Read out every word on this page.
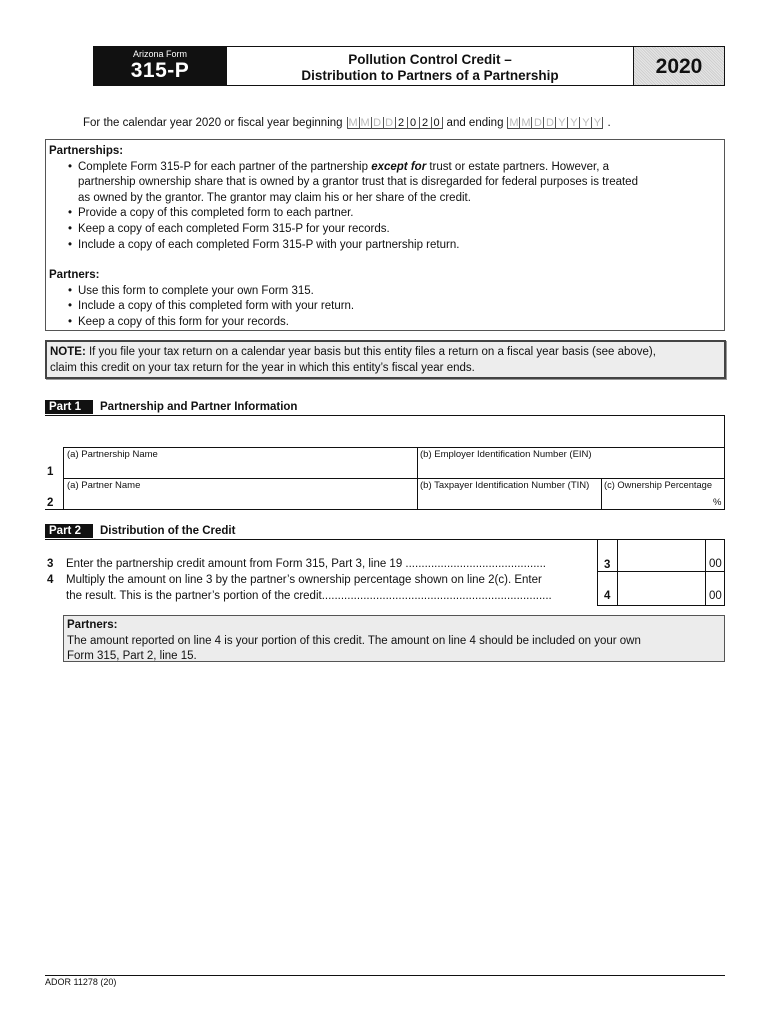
Arizona Form
315-P	Pollution Control Credit –
Distribution to Partners of a Partnership	2020
For the calendar year 2020 or fiscal year beginning M M D D 2 0 2 0 and ending M M D D Y Y Y Y .
Partnerships:
• Complete Form 315-P for each partner of the partnership except for trust or estate partners. However, a
partnership ownership share that is owned by a grantor trust that is disregarded for federal purposes is treated
as owned by the grantor. The grantor may claim his or her share of the credit.
• Provide a copy of this completed form to each partner.
• Keep a copy of each completed Form 315-P for your records.
• Include a copy of each completed Form 315-P with your partnership return.
Partners:
• Use this form to complete your own Form 315.
• Include a copy of this completed form with your return.
• Keep a copy of this form for your records.
NOTE: If you file your tax return on a calendar year basis but this entity files a return on a fiscal year basis (see above),
claim this credit on your tax return for the year in which this entity’s fiscal year ends.
Part 1	Partnership and Partner Information
1
(a) Partnership Name	(b) Employer Identification Number (EIN)
2
(a) Partner Name	(b) Taxpayer Identification Number (TIN) (c) Ownership Percentage
%
Part 2	Distribution of the Credit
3 Enter the partnership credit amount from Form 315, Part 3, line 19 ............................................	3	00
4 Multiply the amount on line 3 by the partner’s ownership percentage shown on line 2(c). Enter
the result. This is the partner’s portion of the credit........................................................................	4	00
Partners:
The amount reported on line 4 is your portion of this credit. The amount on line 4 should be included on your own
Form 315, Part 2, line 15.
ADOR 11278 (20)
